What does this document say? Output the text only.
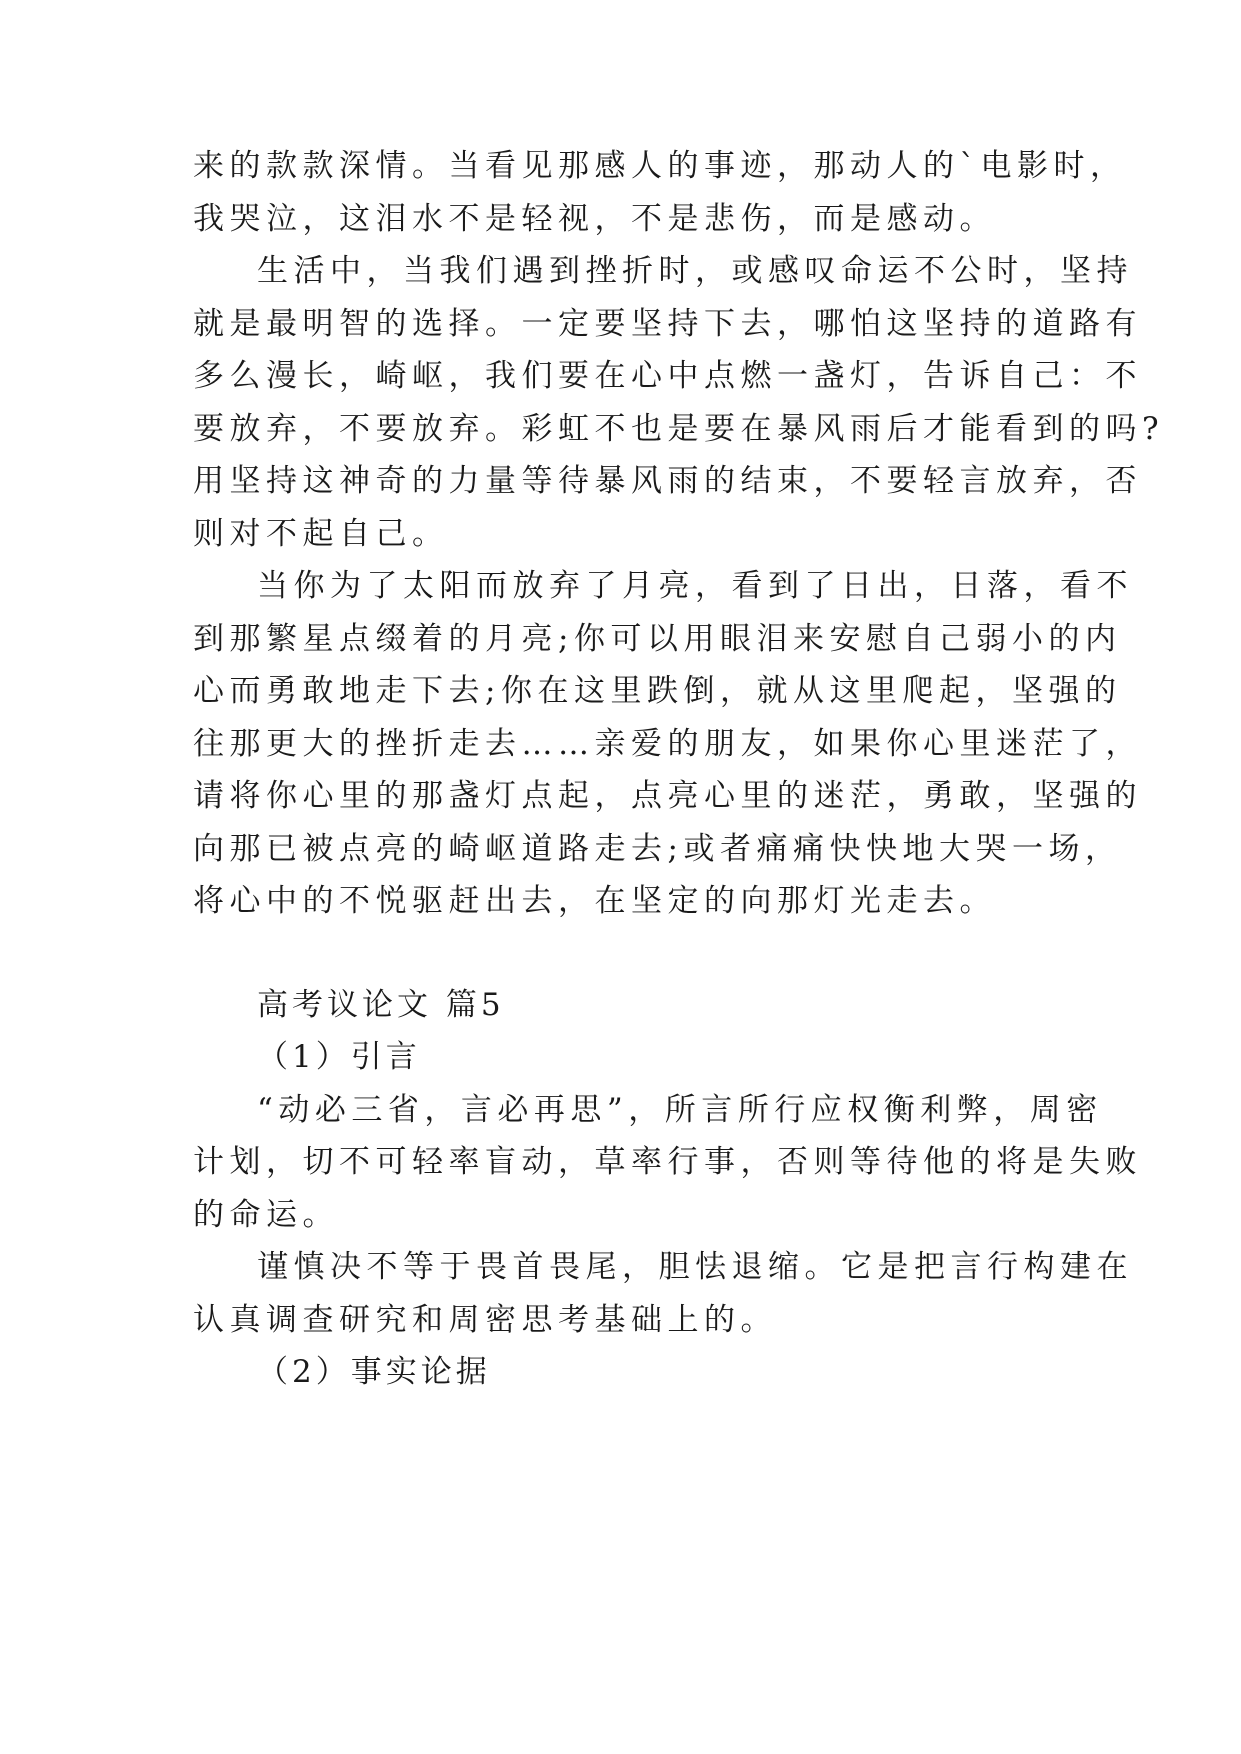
来的款款深情。当看见那感人的事迹，那动人的`电影时，
我哭泣，这泪水不是轻视，不是悲伤，而是感动。
生活中，当我们遇到挫折时，或感叹命运不公时，坚持
就是最明智的选择。一定要坚持下去，哪怕这坚持的道路有
多么漫长，崎岖，我们要在心中点燃一盏灯，告诉自己：不
要放弃，不要放弃。彩虹不也是要在暴风雨后才能看到的吗?
用坚持这神奇的力量等待暴风雨的结束，不要轻言放弃，否
则对不起自己。
当你为了太阳而放弃了月亮，看到了日出，日落，看不
到那繁星点缀着的月亮;你可以用眼泪来安慰自己弱小的内
心而勇敢地走下去;你在这里跌倒，就从这里爬起，坚强的
往那更大的挫折走去……亲爱的朋友，如果你心里迷茫了，
请将你心里的那盏灯点起，点亮心里的迷茫，勇敢，坚强的
向那已被点亮的崎岖道路走去;或者痛痛快快地大哭一场，
将心中的不悦驱赶出去，在坚定的向那灯光走去。
高考议论文 篇5
（1）引言
“动必三省，言必再思”，所言所行应权衡利弊，周密
计划，切不可轻率盲动，草率行事，否则等待他的将是失败
的命运。
谨慎决不等于畏首畏尾，胆怯退缩。它是把言行构建在
认真调查研究和周密思考基础上的。
（2）事实论据
